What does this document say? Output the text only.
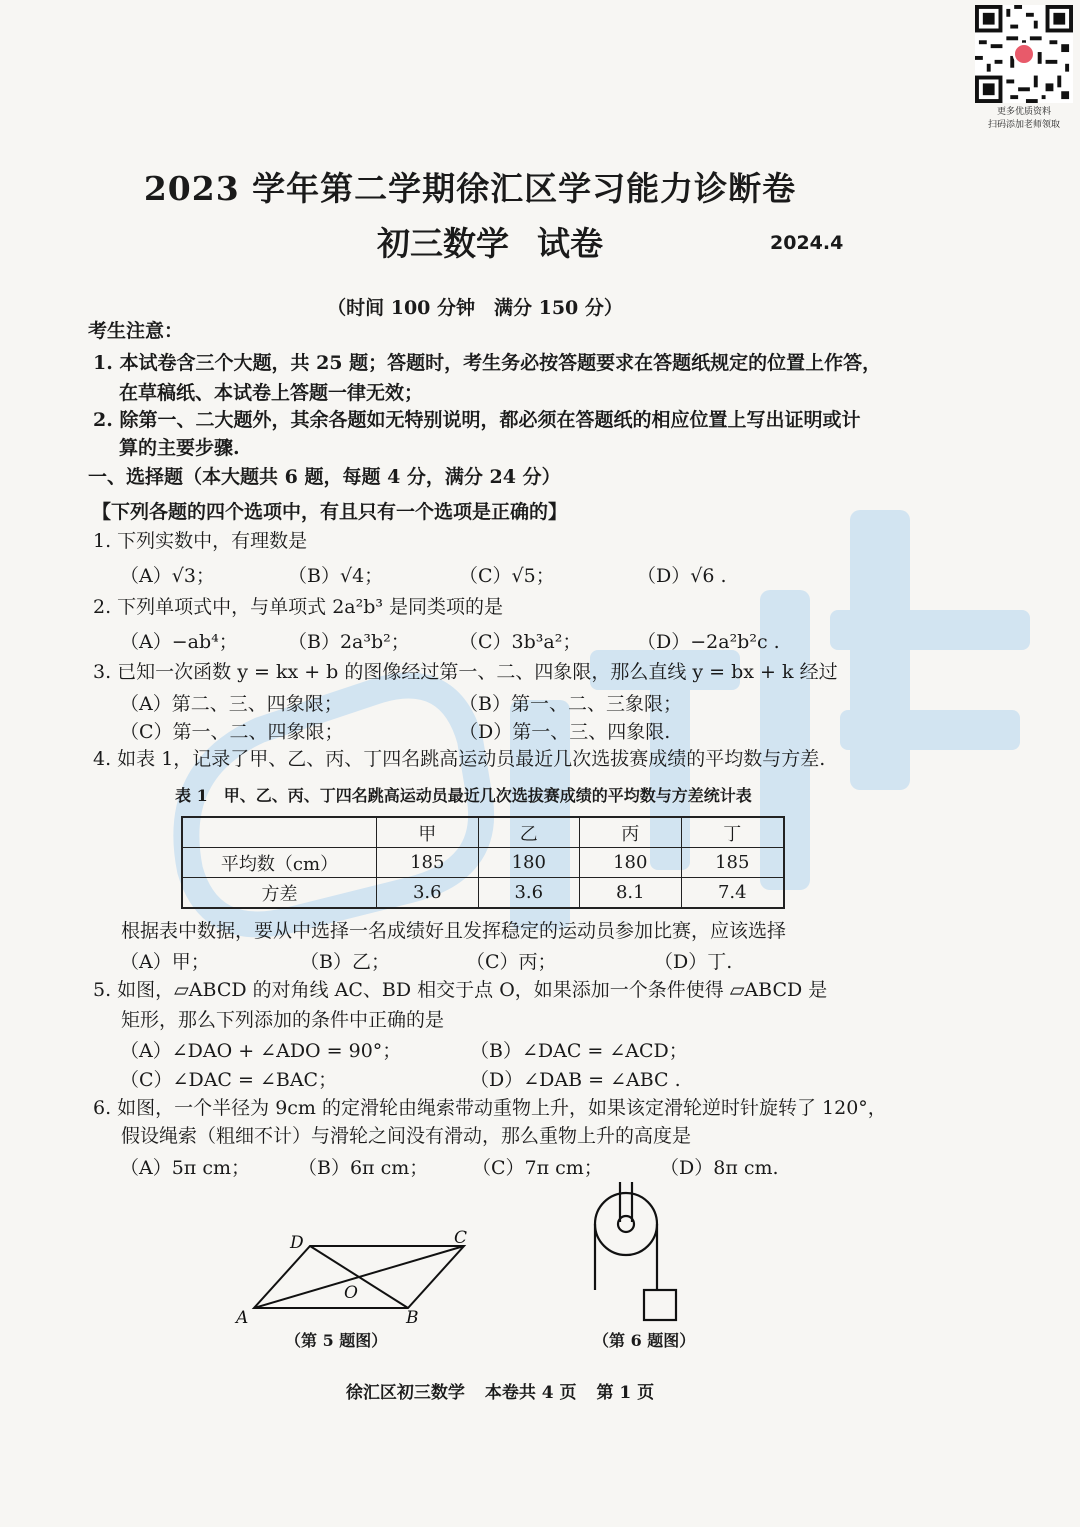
更多优质资料
扫码添加老师领取
2023 学年第二学期徐汇区学习能力诊断卷
初三数学 试卷	2024.4
（时间 100 分钟　满分 150 分）
考生注意：
1. 本试卷含三个大题，共 25 题；答题时，考生务必按答题要求在答题纸规定的位置上作答，
在草稿纸、本试卷上答题一律无效；
2. 除第一、二大题外，其余各题如无特别说明，都必须在答题纸的相应位置上写出证明或计
算的主要步骤.
一、选择题（本大题共 6 题，每题 4 分，满分 24 分）
【下列各题的四个选项中，有且只有一个选项是正确的】
1. 下列实数中，有理数是
（A）√3；	（B）√4；	（C）√5；	（D）√6 .
2. 下列单项式中，与单项式 2a²b³ 是同类项的是
（A）−ab⁴；	（B）2a³b²；	（C）3b³a²；	（D）−2a²b²c .
3. 已知一次函数 y = kx + b 的图像经过第一、二、四象限，那么直线 y = bx + k 经过
（A）第二、三、四象限；	（B）第一、二、三象限；
（C）第一、二、四象限；	（D）第一、三、四象限.
4. 如表 1，记录了甲、乙、丙、丁四名跳高运动员最近几次选拔赛成绩的平均数与方差.
表 1　甲、乙、丙、丁四名跳高运动员最近几次选拔赛成绩的平均数与方差统计表
	甲	乙	丙	丁
平均数（cm）	185	180	180	185
方差	3.6	3.6	8.1	7.4
根据表中数据，要从中选择一名成绩好且发挥稳定的运动员参加比赛，应该选择
（A）甲；	（B）乙；	（C）丙；	（D）丁.
5. 如图，▱ABCD 的对角线 AC、BD 相交于点 O，如果添加一个条件使得 ▱ABCD 是
矩形，那么下列添加的条件中正确的是
（A）∠DAO + ∠ADO = 90°；	（B）∠DAC = ∠ACD；
（C）∠DAC = ∠BAC；	（D）∠DAB = ∠ABC .
6. 如图，一个半径为 9cm 的定滑轮由绳索带动重物上升，如果该定滑轮逆时针旋转了 120°，
假设绳索（粗细不计）与滑轮之间没有滑动，那么重物上升的高度是
（A）5π cm；	（B）6π cm； （C）7π cm；	（D）8π cm.
A	B
C
D
O
（第 5 题图）	（第 6 题图）
徐汇区初三数学 本卷共 4 页 第 1 页
